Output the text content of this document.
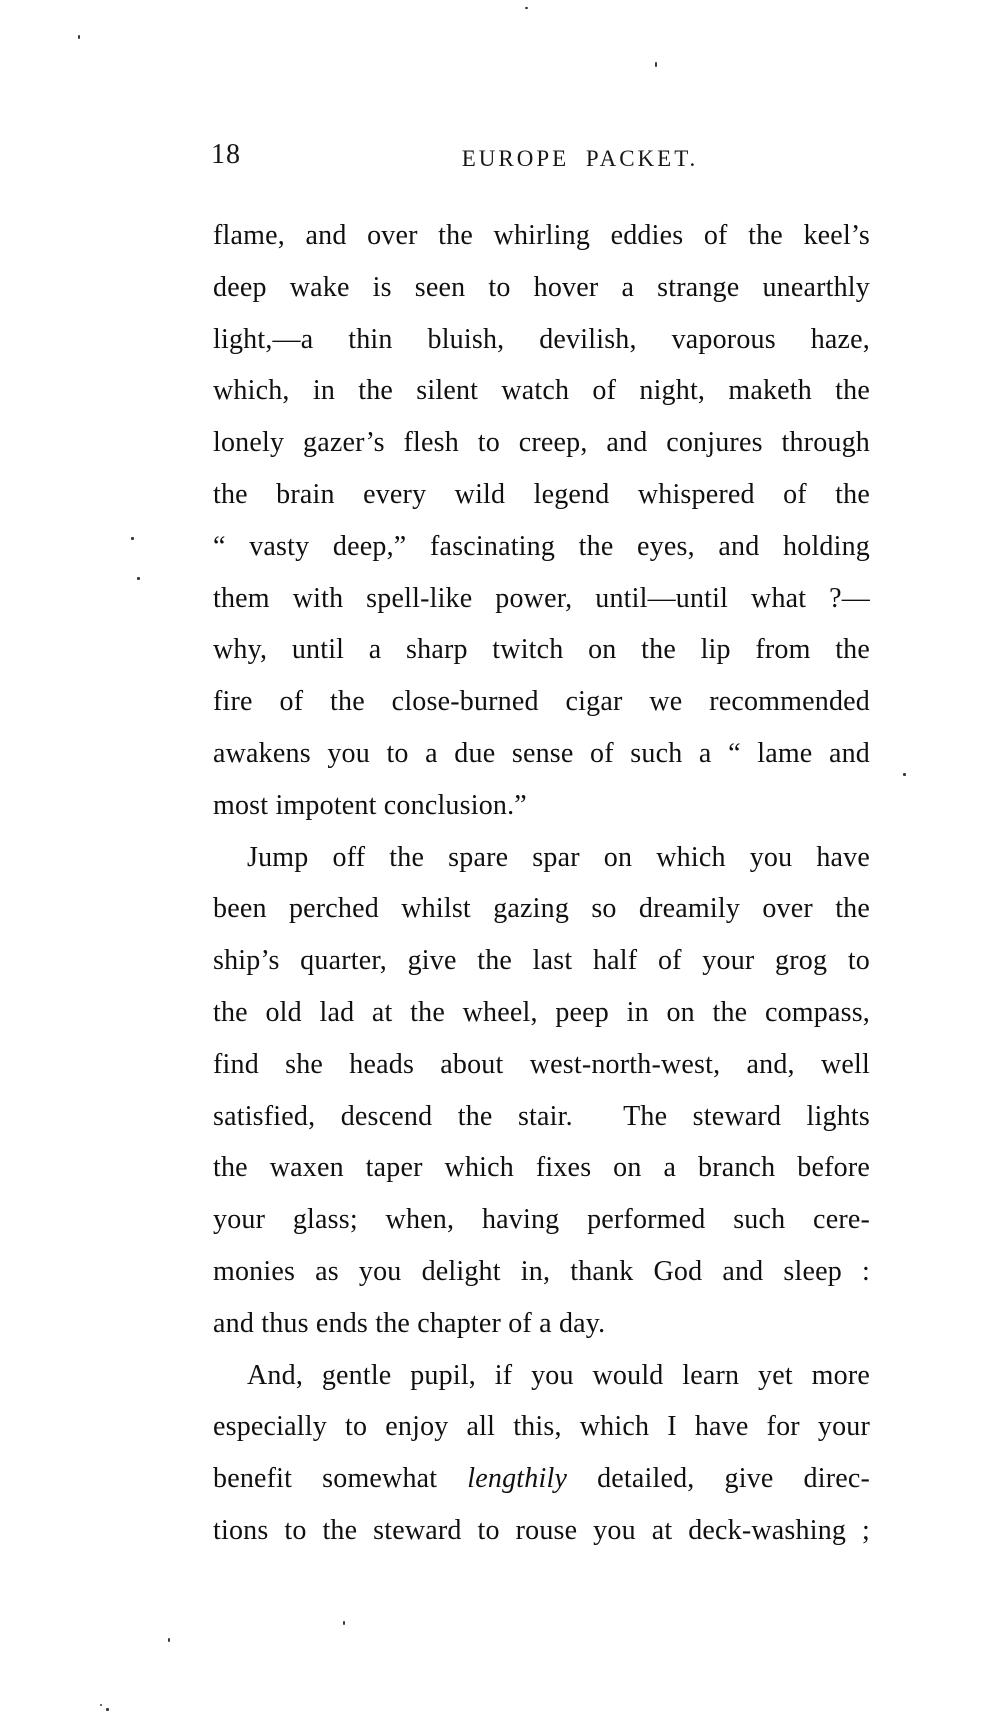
18	EUROPE PACKET.
flame, and over the whirling eddies of the keel’s
deep wake is seen to hover a strange unearthly
light,—a thin bluish, devilish, vaporous haze,
which, in the silent watch of night, maketh the
lonely gazer’s flesh to creep, and conjures through
the brain every wild legend whispered of the
“ vasty deep,” fascinating the eyes, and holding
them with spell-like power, until—until what ?—
why, until a sharp twitch on the lip from the
fire of the close-burned cigar we recommended
awakens you to a due sense of such a “ lame and
most impotent conclusion.”
Jump off the spare spar on which you have
been perched whilst gazing so dreamily over the
ship’s quarter, give the last half of your grog to
the old lad at the wheel, peep in on the compass,
find she heads about west-north-west, and, well
satisfied, descend the stair.  The steward lights
the waxen taper which fixes on a branch before
your glass; when, having performed such cere-
monies as you delight in, thank God and sleep :
and thus ends the chapter of a day.
And, gentle pupil, if you would learn yet more
especially to enjoy all this, which I have for your
benefit somewhat lengthily detailed, give direc-
tions to the steward to rouse you at deck-washing ;
